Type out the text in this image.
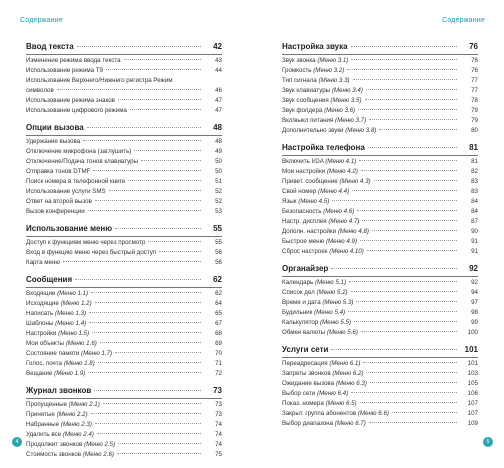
Содержание	Содержание
Ввод текста	42
Изменение режима ввода текста	43
Использование режима T9	44
Использование Верхнего/Нижнего регистра Режим
символов	46
Использование режима знаков	47
Использование цифрового режима	47
Опции вызова	48
Удержание вызова	48
Отключение микрофона (заглушить)	49
Отключение/Подача тонов клавиатуры	50
Отправка тонов DTMF	50
Поиск номера в телефонной книге	51
Использование услуги SMS	52
Ответ на второй вызов	52
Вызов конференции	53
Использование меню	55
Доступ к функциям меню через просмотр	55
Вход в функцию меню через быстрый доступ	56
Карта меню	56
Сообщения	62
Входящие (Меню 1.1)	62
Исходящие (Меню 1.2)	64
Написать (Меню 1.3)	65
Шаблоны (Меню 1.4)	67
Настройки (Меню 1.5)	68
Мои объекты (Меню 1.6)	69
Состояние памяти (Меню 1.7)	70
Голос. почта (Меню 1.8)	71
Вещание (Меню 1.9)	72
Журнал звонков	73
Пропущенные (Меню 2.1)	73
Принятые (Меню 2.2)	73
Набранные (Меню 2.3)	74
Удалить все (Меню 2.4)	74
Продолжит звонков (Меню 2.5)	74
Стоимость звонков (Меню 2.6)	75
Настройка звука	76
Звук звонка (Меню 3.1)	76
Громкость (Меню 3.2)	76
Тип сигнала (Меню 3.3)	77
Звук клавиатуры (Меню 3.4)	77
Звук сообщения (Меню 3.5)	78
Звук фолдера (Меню 3.6)	79
Вкл/выкл питания (Меню 3.7)	79
Дополнительно звуки (Меню 3.8)	80
Настройка телефона	81
Включить IrDA (Меню 4.1)	81
Мои настройки (Меню 4.2)	82
Привет. сообщение (Меню 4.3)	83
Свой номер (Меню 4.4)	83
Язык (Меню 4.5)	84
Безопасность (Меню 4.6)	84
Настр. дисплея (Меню 4.7)	87
Дополн. настройки (Меню 4.8)	90
Быстрое меню (Меню 4.9)	91
Сброс настроек (Меню 4.10)	91
Органайзер	92
Календарь (Меню 5.1)	92
Список дел (Меню 5.2)	94
Время и дата (Меню 5.3)	97
Будильник (Меню 5.4)	98
Калькулятор (Меню 5.5)	99
Обмен валюты (Меню 5.6)	100
Услуги сети	101
Переадресация (Меню 6.1)	101
Запреты звонков (Меню 6.2)	103
Ожидание вызова (Меню 6.3)	105
Выбор сети (Меню 6.4)	106
Показ. номера (Меню 6.5)	107
Закрыт. группа абонентов (Меню 6.6)	107
Выбор диапазона (Меню 6.7)	109
4	5
